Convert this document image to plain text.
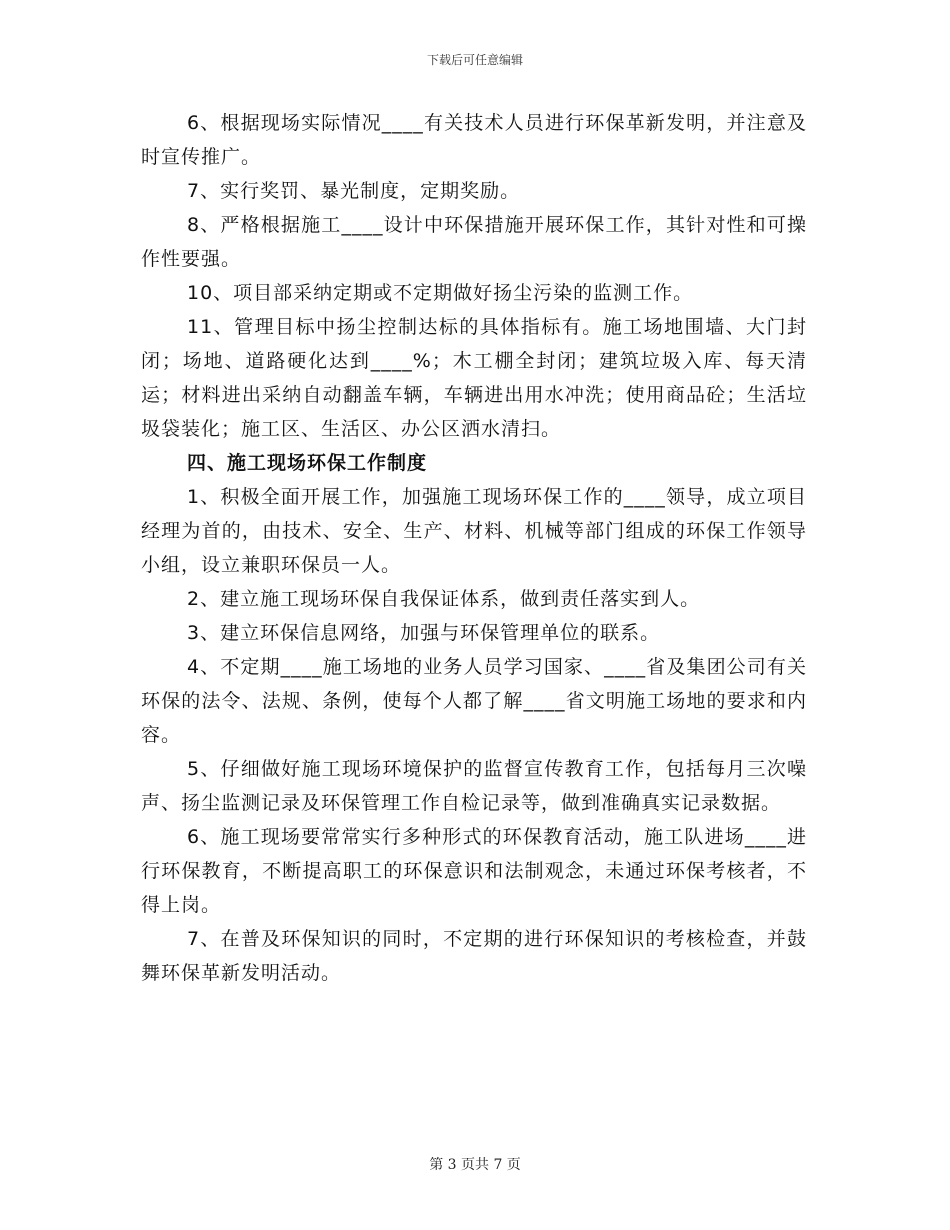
下载后可任意编辑

6、根据现场实际情况____有关技术人员进行环保革新发明，并注意及时宣传推广。

7、实行奖罚、暴光制度，定期奖励。

8、严格根据施工____设计中环保措施开展环保工作，其针对性和可操作性要强。

10、项目部采纳定期或不定期做好扬尘污染的监测工作。

11、管理目标中扬尘控制达标的具体指标有。施工场地围墙、大门封闭；场地、道路硬化达到____%；木工棚全封闭；建筑垃圾入库、每天清运；材料进出采纳自动翻盖车辆，车辆进出用水冲洗；使用商品砼；生活垃圾袋装化；施工区、生活区、办公区洒水清扫。

四、施工现场环保工作制度

1、积极全面开展工作，加强施工现场环保工作的____领导，成立项目经理为首的，由技术、安全、生产、材料、机械等部门组成的环保工作领导小组，设立兼职环保员一人。

2、建立施工现场环保自我保证体系，做到责任落实到人。

3、建立环保信息网络，加强与环保管理单位的联系。

4、不定期____施工场地的业务人员学习国家、____省及集团公司有关环保的法令、法规、条例，使每个人都了解____省文明施工场地的要求和内容。

5、仔细做好施工现场环境保护的监督宣传教育工作，包括每月三次噪声、扬尘监测记录及环保管理工作自检记录等，做到准确真实记录数据。

6、施工现场要常常实行多种形式的环保教育活动，施工队进场____进行环保教育，不断提高职工的环保意识和法制观念，未通过环保考核者，不得上岗。

7、在普及环保知识的同时，不定期的进行环保知识的考核检查，并鼓舞环保革新发明活动。

第 3 页共 7 页
